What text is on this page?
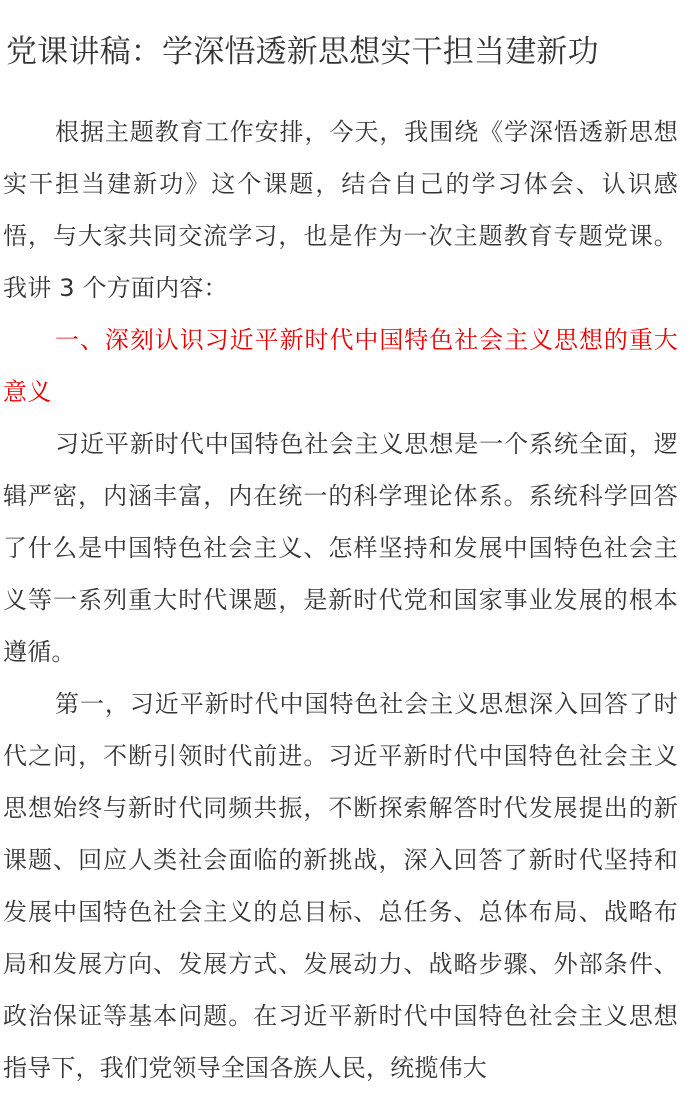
党课讲稿：学深悟透新思想实干担当建新功

根据主题教育工作安排，今天，我围绕《学深悟透新思想实干担当建新功》这个课题，结合自己的学习体会、认识感悟，与大家共同交流学习，也是作为一次主题教育专题党课。我讲 3 个方面内容：

一、深刻认识习近平新时代中国特色社会主义思想的重大意义

习近平新时代中国特色社会主义思想是一个系统全面，逻辑严密，内涵丰富，内在统一的科学理论体系。系统科学回答了什么是中国特色社会主义、怎样坚持和发展中国特色社会主义等一系列重大时代课题，是新时代党和国家事业发展的根本遵循。

第一，习近平新时代中国特色社会主义思想深入回答了时代之问，不断引领时代前进。习近平新时代中国特色社会主义思想始终与新时代同频共振，不断探索解答时代发展提出的新课题、回应人类社会面临的新挑战，深入回答了新时代坚持和发展中国特色社会主义的总目标、总任务、总体布局、战略布局和发展方向、发展方式、发展动力、战略步骤、外部条件、政治保证等基本问题。在习近平新时代中国特色社会主义思想指导下，我们党领导全国各族人民，统揽伟大
